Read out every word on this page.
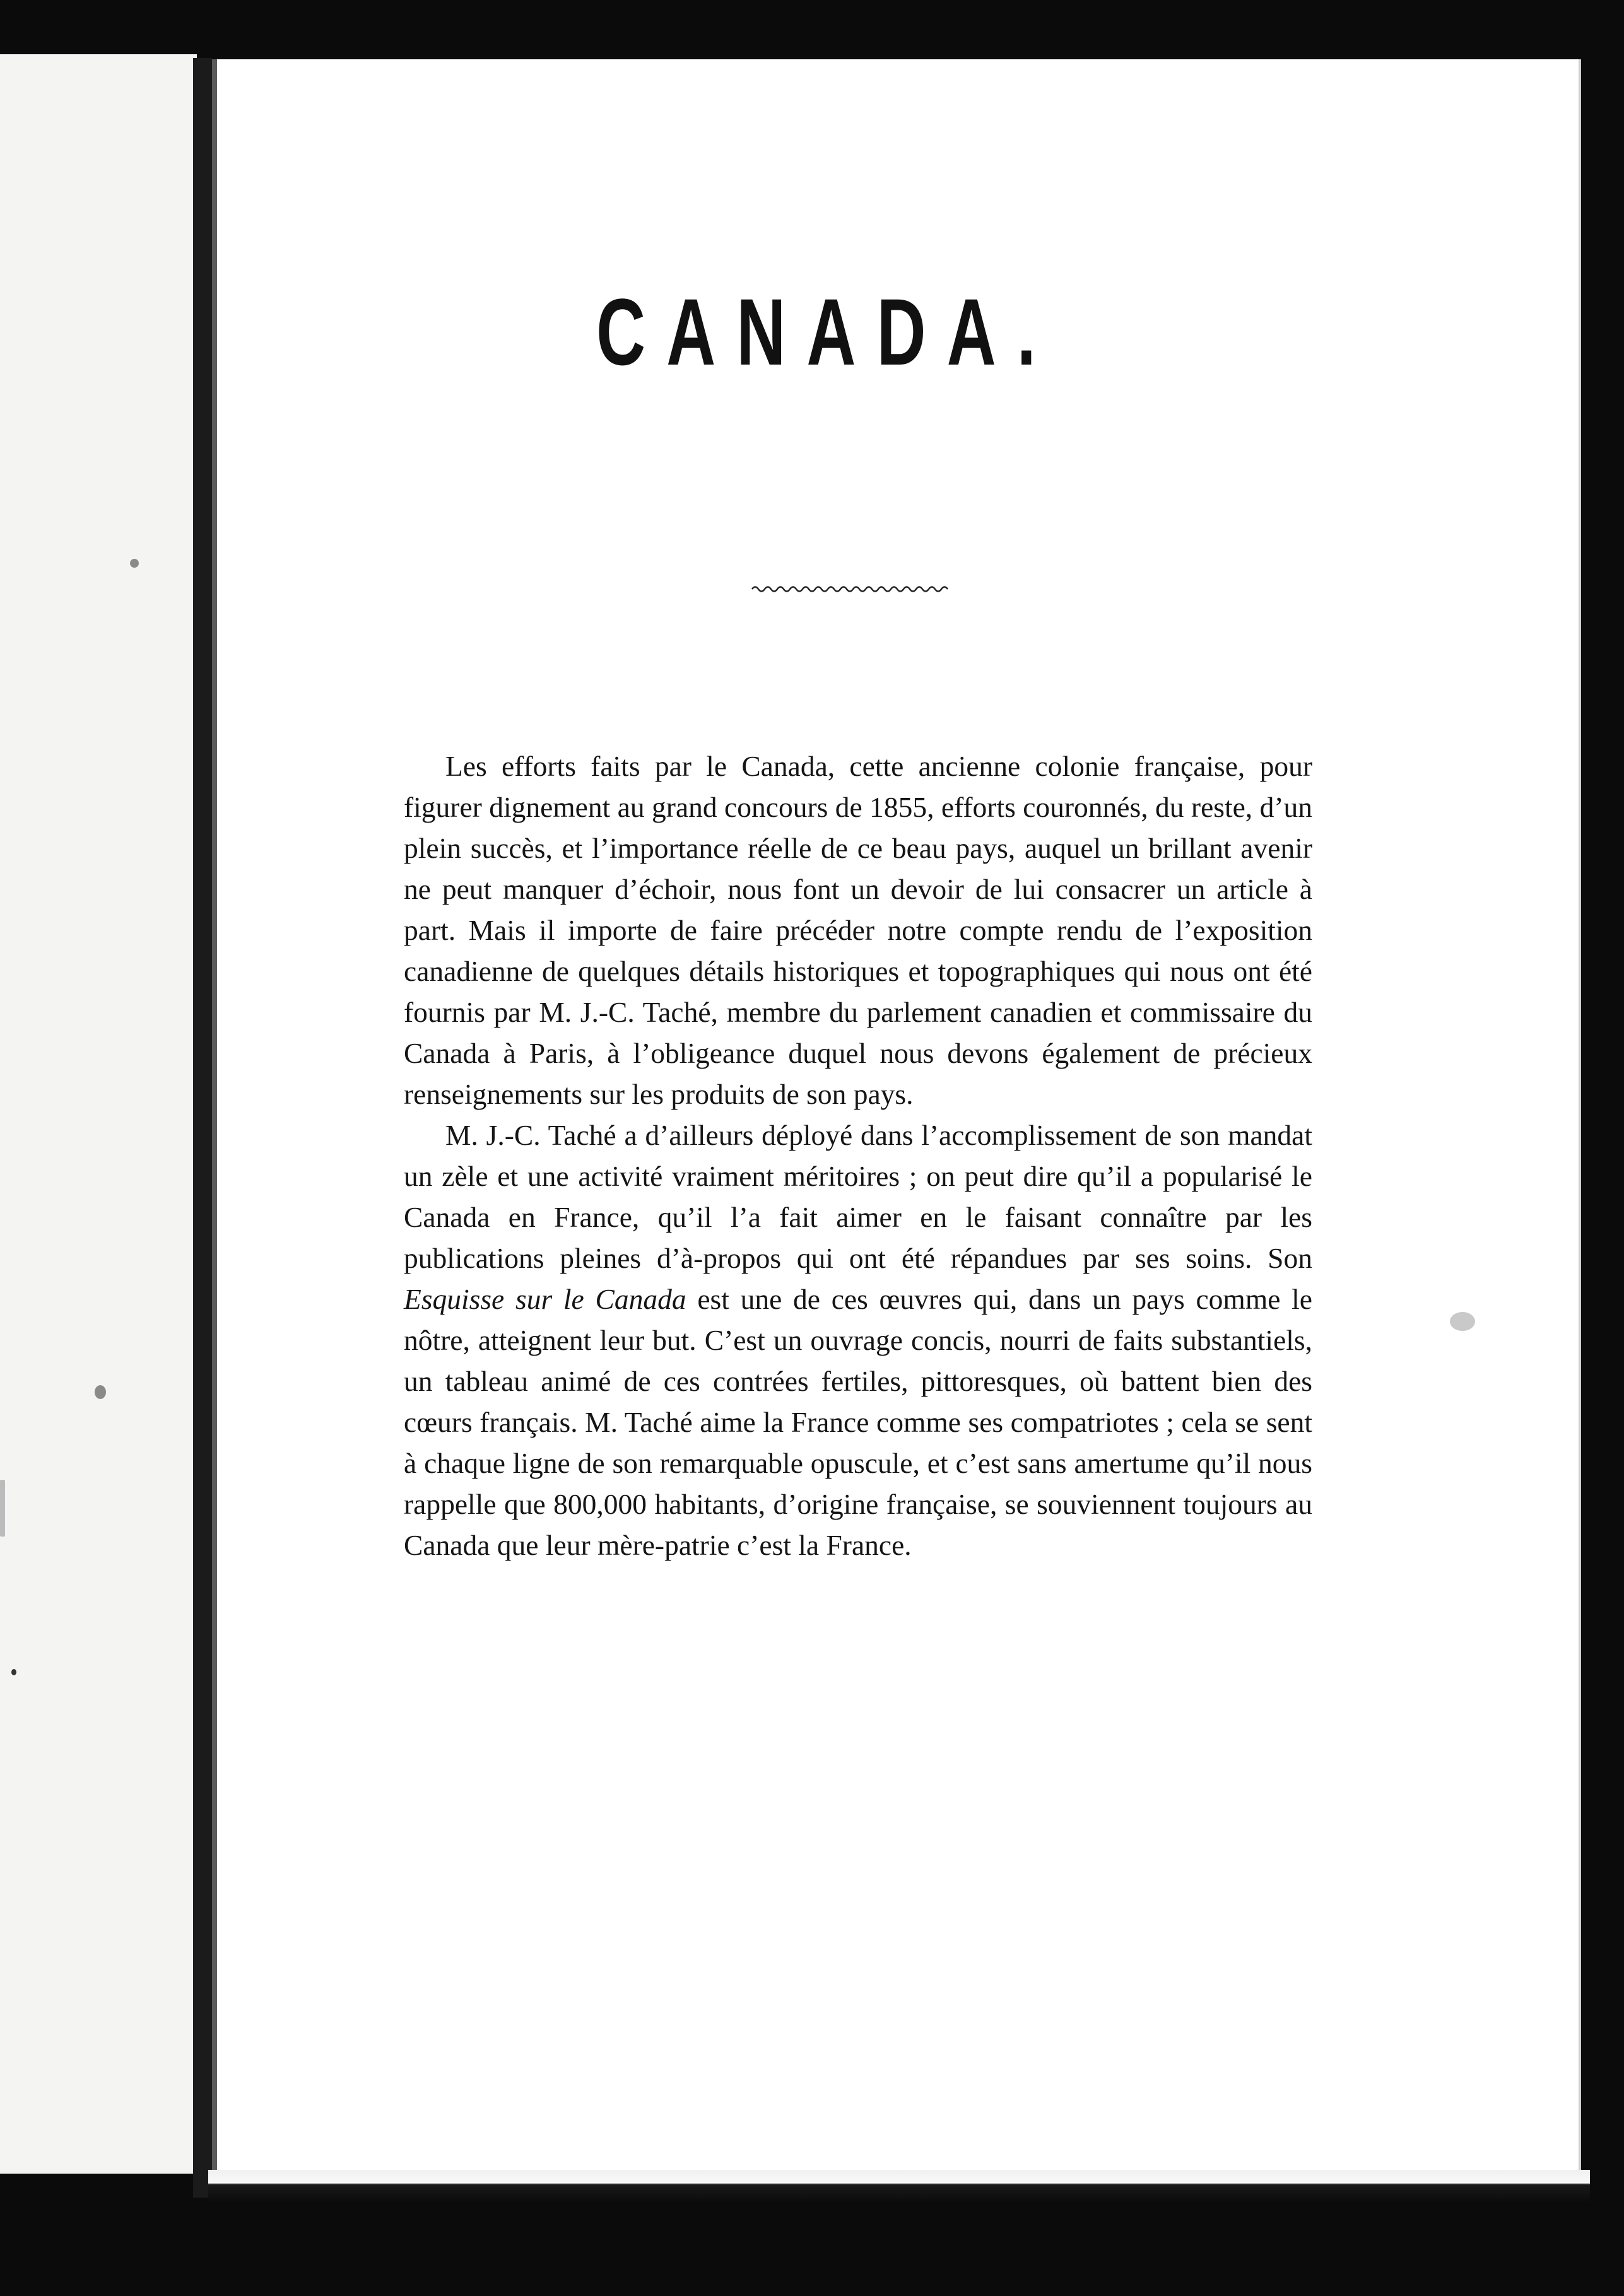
CANADA.

Les efforts faits par le Canada, cette ancienne colonie française, pour figurer dignement au grand concours de 1855, efforts couronnés, du reste, d’un plein succès, et l’importance réelle de ce beau pays, auquel un brillant avenir ne peut manquer d’échoir, nous font un devoir de lui consacrer un article à part. Mais il importe de faire précéder notre compte rendu de l’exposition canadienne de quelques détails historiques et topographiques qui nous ont été fournis par M. J.-C. Taché, membre du parlement canadien et commissaire du Canada à Paris, à l’obligeance duquel nous devons également de précieux renseignements sur les produits de son pays.

M. J.-C. Taché a d’ailleurs déployé dans l’accomplissement de son mandat un zèle et une activité vraiment méritoires ; on peut dire qu’il a popularisé le Canada en France, qu’il l’a fait aimer en le faisant connaître par les publications pleines d’à-propos qui ont été répandues par ses soins. Son Esquisse sur le Canada est une de ces œuvres qui, dans un pays comme le nôtre, atteignent leur but. C’est un ouvrage concis, nourri de faits substantiels, un tableau animé de ces contrées fertiles, pittoresques, où battent bien des cœurs français. M. Taché aime la France comme ses compatriotes ; cela se sent à chaque ligne de son remarquable opuscule, et c’est sans amertume qu’il nous rappelle que 800,000 habitants, d’origine française, se souviennent toujours au Canada que leur mère-patrie c’est la France.
